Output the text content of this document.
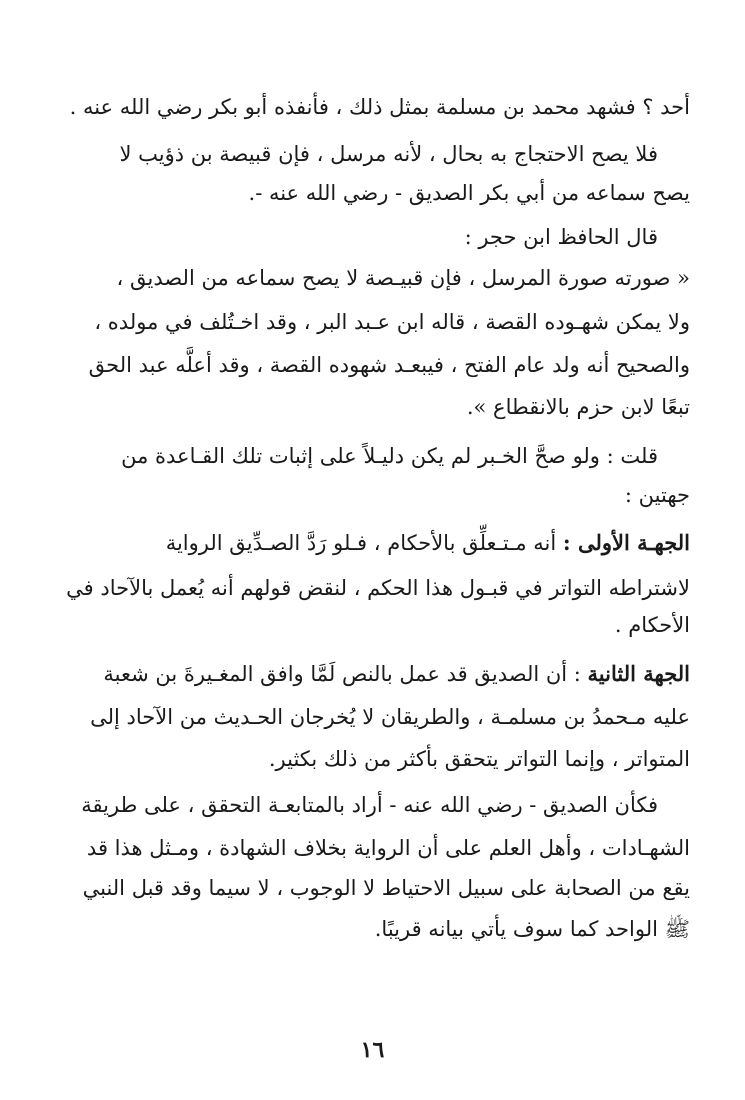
أحد ؟ فشهد محمد بن مسلمة بمثل ذلك ، فأنفذه أبو بكر رضي الله عنه .
فلا يصح الاحتجاج به بحال ، لأنه مرسل ، فإن قبيصة بن ذؤيب لا
يصح سماعه من أبي بكر الصديق - رضي الله عنه -.
قال الحافظ ابن حجر :
« صورته صورة المرسل ، فإن قبيـصة لا يصح سماعه من الصديق ،
ولا يمكن شهـوده القصة ، قاله ابن عـبد البر ، وقد اخـتُلف في مولده ،
والصحيح أنه ولد عام الفتح ، فيبعـد شهوده القصة ، وقد أعلَّه عبد الحق
تبعًا لابن حزم بالانقطاع ».
قلت : ولو صحَّ الخـبر لم يكن دليـلاً على إثبات تلك القـاعدة من
جهتين :
الجهـة الأولى : أنه مـتـعلِّق بالأحكام ، فـلو رَدَّ الصـدِّيق الرواية
لاشتراطه التواتر في قبـول هذا الحكم ، لنقض قولهم أنه يُعمل بالآحاد في
الأحكام .
الجهة الثانية : أن الصديق قد عمل بالنص لَمَّا وافق المغـيرةَ بن شعبة
عليه مـحمدُ بن مسلمـة ، والطريقان لا يُخرجان الحـديث من الآحاد إلى
المتواتر ، وإنما التواتر يتحقق بأكثر من ذلك بكثير.
فكأن الصديق - رضي الله عنه - أراد بالمتابعـة التحقق ، على طريقة
الشهـادات ، وأهل العلم على أن الرواية بخلاف الشهادة ، ومـثل هذا قد
يقع من الصحابة على سبيل الاحتياط لا الوجوب ، لا سيما وقد قبل النبي
ﷺ الواحد كما سوف يأتي بيانه قريبًا.
١٦
